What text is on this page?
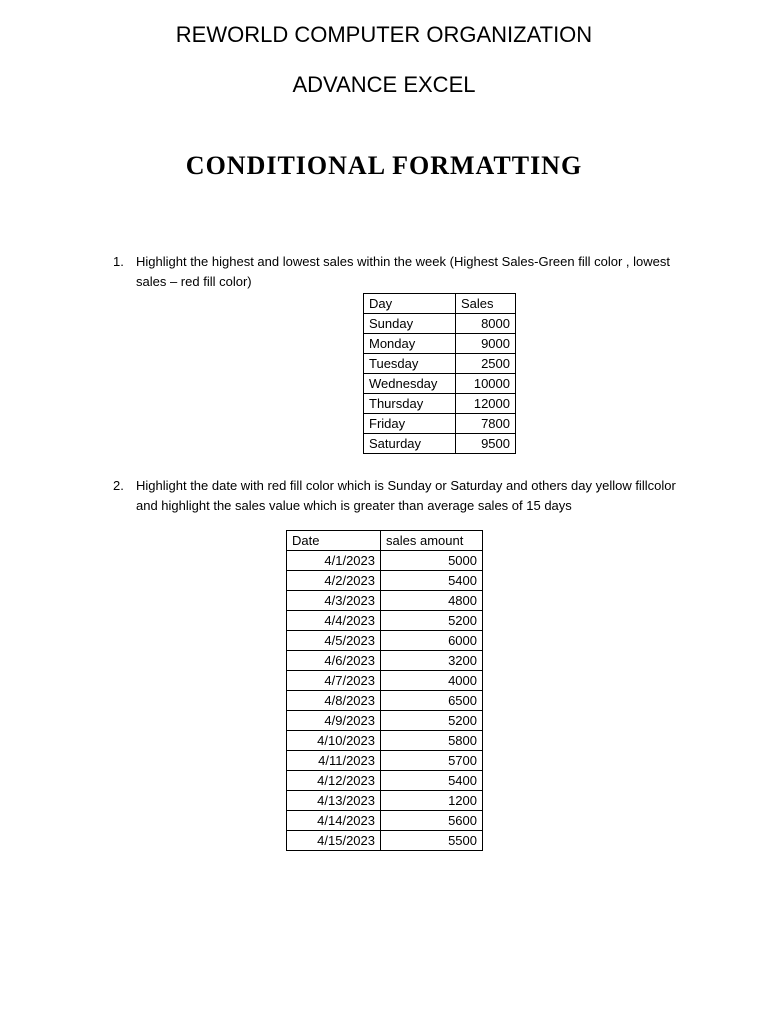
REWORLD COMPUTER ORGANIZATION
ADVANCE EXCEL
CONDITIONAL FORMATTING
1. Highlight the highest and lowest sales within the week (Highest Sales-Green fill color , lowest
sales – red fill color)
Day	Sales
Sunday	8000
Monday	9000
Tuesday	2500
Wednesday	10000
Thursday	12000
Friday	7800
Saturday	9500
2. Highlight the date with red fill color which is Sunday or Saturday and others day yellow fillcolor
and highlight the sales value which is greater than average sales of 15 days
Date	sales amount
4/1/2023	5000
4/2/2023	5400
4/3/2023	4800
4/4/2023	5200
4/5/2023	6000
4/6/2023	3200
4/7/2023	4000
4/8/2023	6500
4/9/2023	5200
4/10/2023	5800
4/11/2023	5700
4/12/2023	5400
4/13/2023	1200
4/14/2023	5600
4/15/2023	5500
